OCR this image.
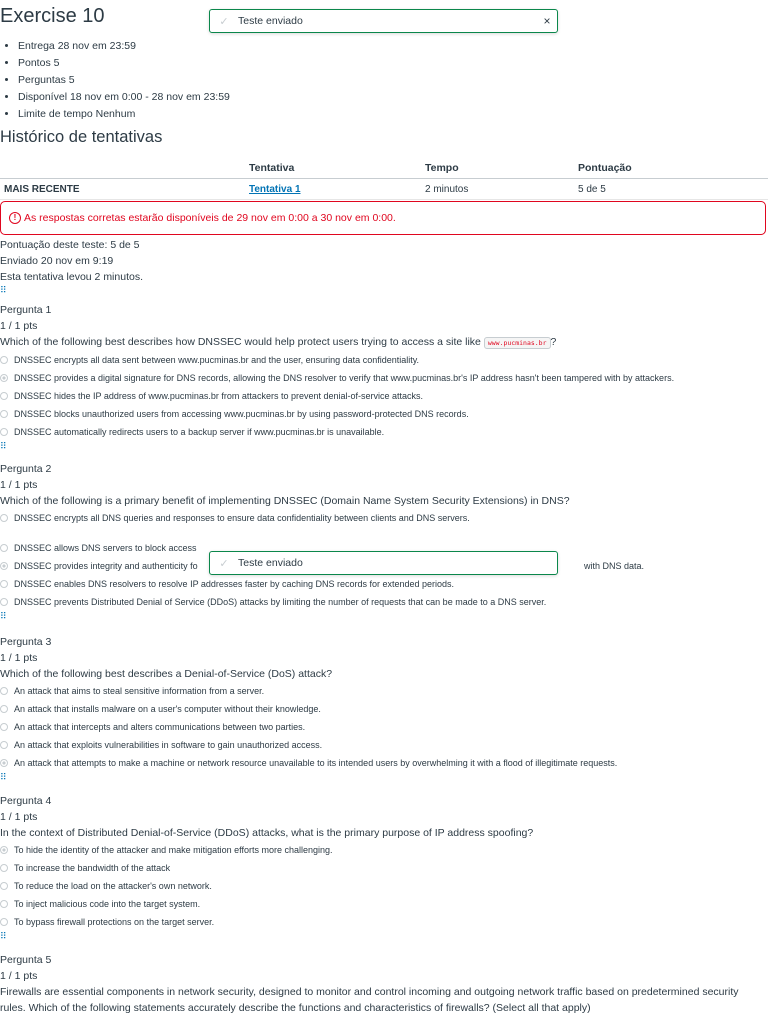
Exercise 10
• Entrega 28 nov em 23:59
• Pontos 5
• Perguntas 5
• Disponível 18 nov em 0:00 - 28 nov em 23:59
• Limite de tempo Nenhum
Histórico de tentativas
	Tentativa	Tempo	Pontuação
MAIS RECENTE	Tentativa 1	2 minutos	5 de 5
! As respostas corretas estarão disponíveis de 29 nov em 0:00 a 30 nov em 0:00.
Pontuação deste teste: 5 de 5
Enviado 20 nov em 9:19
Esta tentativa levou 2 minutos.
⠿
Pergunta 1
1 / 1 pts
Which of the following best describes how DNSSEC would help protect users trying to access a site like www.pucminas.br ?
DNSSEC encrypts all data sent between www.pucminas.br and the user, ensuring data confidentiality.
DNSSEC provides a digital signature for DNS records, allowing the DNS resolver to verify that www.pucminas.br's IP address hasn't been tampered with by attackers.
DNSSEC hides the IP address of www.pucminas.br from attackers to prevent denial-of-service attacks.
DNSSEC blocks unauthorized users from accessing www.pucminas.br by using password-protected DNS records.
DNSSEC automatically redirects users to a backup server if www.pucminas.br is unavailable.
⠿
Pergunta 2
1 / 1 pts
Which of the following is a primary benefit of implementing DNSSEC (Domain Name System Security Extensions) in DNS?
DNSSEC encrypts all DNS queries and responses to ensure data confidentiality between clients and DNS servers.
DNSSEC allows DNS servers to block access
DNSSEC provides integrity and authenticity fo	with DNS data.
DNSSEC enables DNS resolvers to resolve IP addresses faster by caching DNS records for extended periods.
DNSSEC prevents Distributed Denial of Service (DDoS) attacks by limiting the number of requests that can be made to a DNS server.
⠿
Pergunta 3
1 / 1 pts
Which of the following best describes a Denial-of-Service (DoS) attack?
An attack that aims to steal sensitive information from a server.
An attack that installs malware on a user's computer without their knowledge.
An attack that intercepts and alters communications between two parties.
An attack that exploits vulnerabilities in software to gain unauthorized access.
An attack that attempts to make a machine or network resource unavailable to its intended users by overwhelming it with a flood of illegitimate requests.
⠿
Pergunta 4
1 / 1 pts
In the context of Distributed Denial-of-Service (DDoS) attacks, what is the primary purpose of IP address spoofing?
To hide the identity of the attacker and make mitigation efforts more challenging.
To increase the bandwidth of the attack
To reduce the load on the attacker's own network.
To inject malicious code into the target system.
To bypass firewall protections on the target server.
⠿
Pergunta 5
1 / 1 pts
Firewalls are essential components in network security, designed to monitor and control incoming and outgoing network traffic based on predetermined security rules. Which of the following statements accurately describe the functions and characteristics of firewalls? (Select all that apply)
✓ Teste enviado	×
✓ Teste enviado
